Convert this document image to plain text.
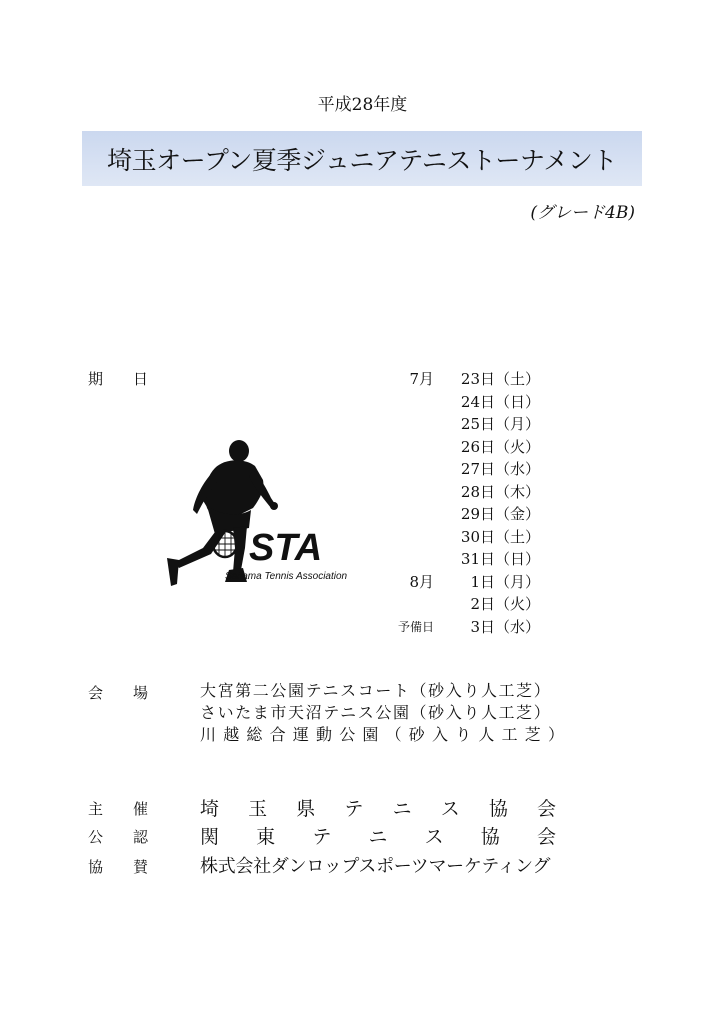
平成28年度
埼玉オープン夏季ジュニアテニストーナメント
(グレード4B)
期 日	7月 23日（土）
24日（日）
25日（月）
26日（火）
27日（水）
28日（木）
29日（金）
30日（土）
31日（日）
8月 1日（月）
2日（火）
予備日 3日（水）
STA
Saitama Tennis Association
会 場	大宮第二公園テニスコート（砂入り人工芝）
さいたま市天沼テニス公園（砂入り人工芝）
川越総合運動公園（砂入り人工芝）
主 催	埼 玉 県 テ ニ ス 協 会
公 認	関 東 テ ニ ス 協 会
協 賛	株式会社ダンロップスポーツマーケティング
